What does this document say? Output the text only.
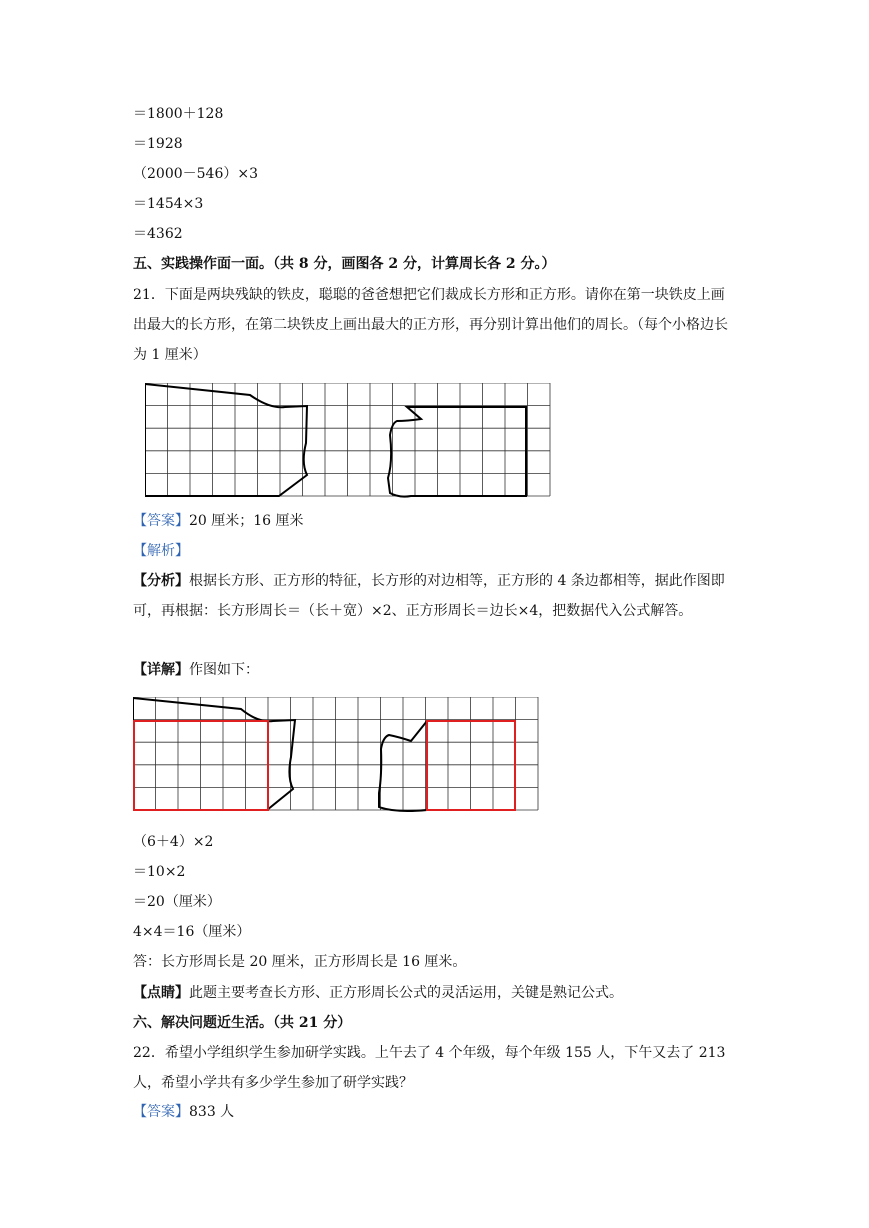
＝1800＋128
＝1928
（2000－546）×3
＝1454×3
＝4362
五、实践操作面一面。（共 8 分，画图各 2 分，计算周长各 2 分。）
21．下面是两块残缺的铁皮，聪聪的爸爸想把它们裁成长方形和正方形。请你在第一块铁皮上画出最大的长方形，在第二块铁皮上画出最大的正方形，再分别计算出他们的周长。（每个小格边长为 1 厘米）
【答案】20 厘米；16 厘米
【解析】
【分析】根据长方形、正方形的特征，长方形的对边相等，正方形的 4 条边都相等，据此作图即可，再根据：长方形周长＝（长＋宽）×2、正方形周长＝边长×4，把数据代入公式解答。
【详解】作图如下：
（6＋4）×2
＝10×2
＝20（厘米）
4×4＝16（厘米）
答：长方形周长是 20 厘米，正方形周长是 16 厘米。
【点睛】此题主要考查长方形、正方形周长公式的灵活运用，关键是熟记公式。
六、解决问题近生活。（共 21 分）
22．希望小学组织学生参加研学实践。上午去了 4 个年级，每个年级 155 人，下午又去了 213 人，希望小学共有多少学生参加了研学实践？
【答案】833 人
